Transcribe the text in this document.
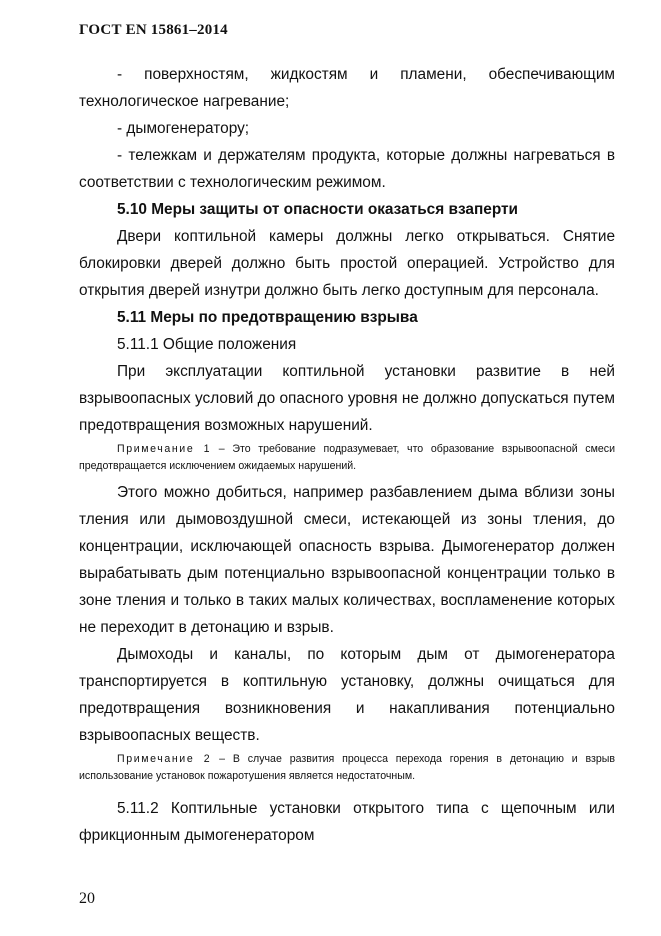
ГОСТ EN 15861–2014

- поверхностям, жидкостям и пламени, обеспечивающим технологическое нагревание;

- дымогенератору;

- тележкам и держателям продукта, которые должны нагреваться в соответствии с технологическим режимом.

5.10 Меры защиты от опасности оказаться взаперти

Двери коптильной камеры должны легко открываться. Снятие блокировки дверей должно быть простой операцией. Устройство для открытия дверей изнутри должно быть легко доступным для персонала.

5.11 Меры по предотвращению взрыва

5.11.1 Общие положения

При эксплуатации коптильной установки развитие в ней взрывоопасных условий до опасного уровня не должно допускаться путем предотвращения возможных нарушений.

Примечание 1 – Это требование подразумевает, что образование взрывоопасной смеси предотвращается исключением ожидаемых нарушений.

Этого можно добиться, например разбавлением дыма вблизи зоны тления или дымовоздушной смеси, истекающей из зоны тления, до концентрации, исключающей опасность взрыва. Дымогенератор должен вырабатывать дым потенциально взрывоопасной концентрации только в зоне тления и только в таких малых количествах, воспламенение которых не переходит в детонацию и взрыв.

Дымоходы и каналы, по которым дым от дымогенератора транспортируется в коптильную установку, должны очищаться для предотвращения возникновения и накапливания потенциально взрывоопасных веществ.

Примечание 2 – В случае развития процесса перехода горения в детонацию и взрыв использование установок пожаротушения является недостаточным.

5.11.2 Коптильные установки открытого типа с щепочным или фрикционным дымогенератором

20
